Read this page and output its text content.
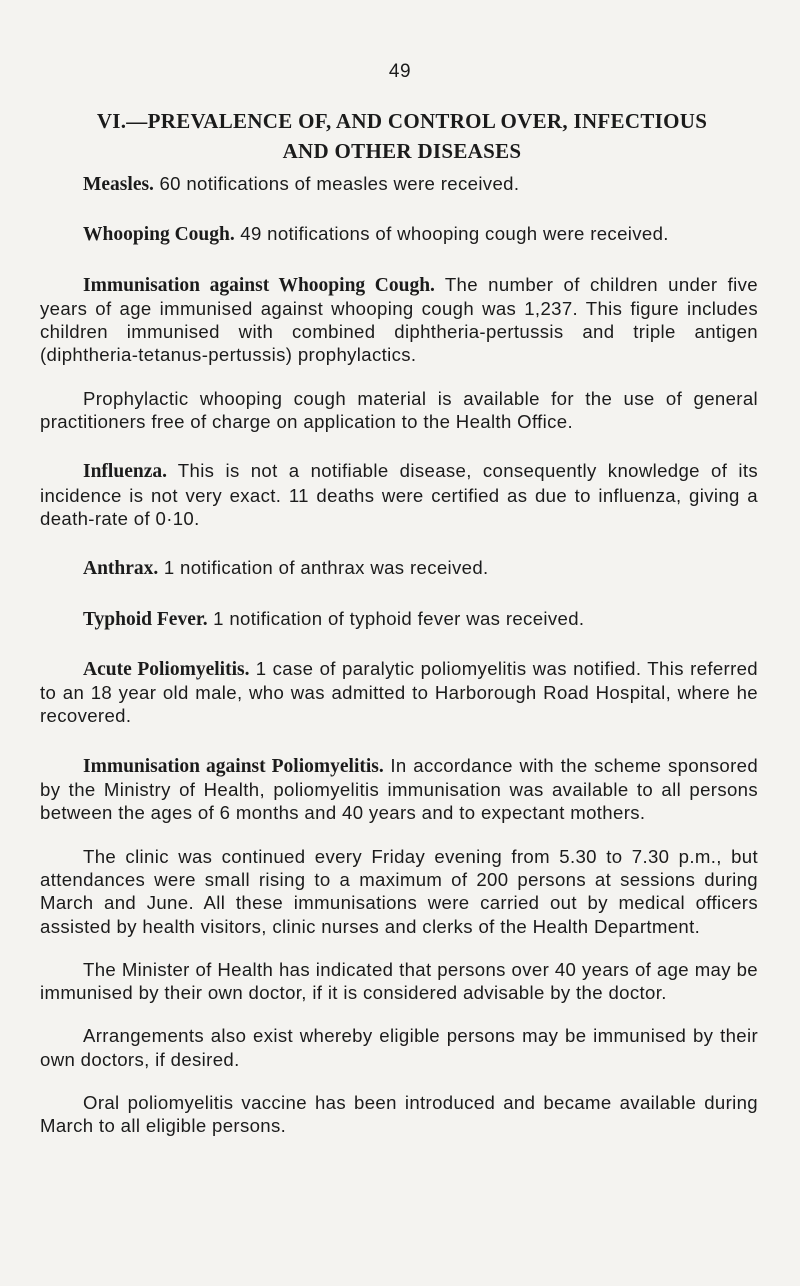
49
VI.—PREVALENCE OF, AND CONTROL OVER, INFECTIOUS
AND OTHER DISEASES

Measles. 60 notifications of measles were received.

Whooping Cough. 49 notifications of whooping cough were received.

Immunisation against Whooping Cough. The number of children under five years of age immunised against whooping cough was 1,237. This figure includes children immunised with combined diphtheria-pertussis and triple antigen (diphtheria-tetanus-pertussis) prophylactics.

Prophylactic whooping cough material is available for the use of general practitioners free of charge on application to the Health Office.

Influenza. This is not a notifiable disease, consequently knowledge of its incidence is not very exact. 11 deaths were certified as due to influenza, giving a death-rate of 0·10.

Anthrax. 1 notification of anthrax was received.

Typhoid Fever. 1 notification of typhoid fever was received.

Acute Poliomyelitis. 1 case of paralytic poliomyelitis was notified. This referred to an 18 year old male, who was admitted to Harborough Road Hospital, where he recovered.

Immunisation against Poliomyelitis. In accordance with the scheme sponsored by the Ministry of Health, poliomyelitis immunisation was available to all persons between the ages of 6 months and 40 years and to expectant mothers.

The clinic was continued every Friday evening from 5.30 to 7.30 p.m., but attendances were small rising to a maximum of 200 persons at sessions during March and June. All these immunisations were carried out by medical officers assisted by health visitors, clinic nurses and clerks of the Health Department.

The Minister of Health has indicated that persons over 40 years of age may be immunised by their own doctor, if it is considered advisable by the doctor.

Arrangements also exist whereby eligible persons may be immunised by their own doctors, if desired.

Oral poliomyelitis vaccine has been introduced and became available during March to all eligible persons.
